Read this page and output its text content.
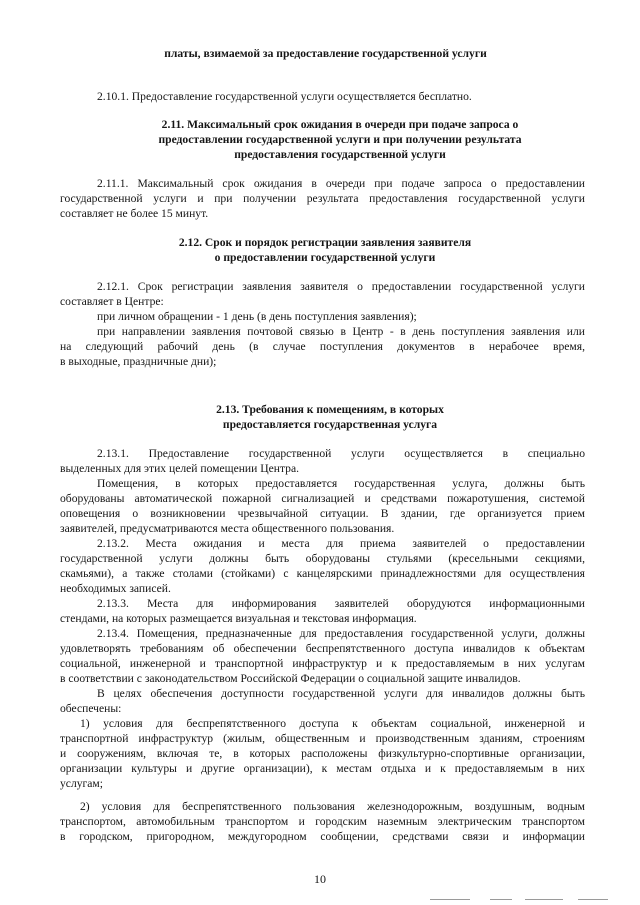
платы, взимаемой за предоставление государственной услуги

2.10.1. Предоставление государственной услуги осуществляется бесплатно.

2.11. Максимальный срок ожидания в очереди при подаче запроса о

предоставлении государственной услуги и при получении результата

предоставления государственной услуги

2.11.1. Максимальный срок ожидания в очереди при подаче запроса о предоставлении

государственной услуги и при получении результата предоставления государственной услуги

составляет не более 15 минут.

2.12. Срок и порядок регистрации заявления заявителя

о предоставлении государственной услуги

2.12.1. Срок регистрации заявления заявителя о предоставлении государственной услуги

составляет в Центре:

при личном обращении - 1 день (в день поступления заявления);

при направлении заявления почтовой связью в Центр - в день поступления заявления или

на следующий рабочий день (в случае поступления документов в нерабочее время,

в выходные, праздничные дни);

2.13. Требования к помещениям, в которых

предоставляется государственная услуга

2.13.1. Предоставление государственной услуги осуществляется в специально

выделенных для этих целей помещении Центра.

Помещения, в которых предоставляется государственная услуга, должны быть

оборудованы автоматической пожарной сигнализацией и средствами пожаротушения, системой

оповещения о возникновении чрезвычайной ситуации. В здании, где организуется прием

заявителей, предусматриваются места общественного пользования.

2.13.2. Места ожидания и места для приема заявителей о предоставлении

государственной услуги должны быть оборудованы стульями (кресельными секциями,

скамьями), а также столами (стойками) с канцелярскими принадлежностями для осуществления

необходимых записей.

2.13.3. Места для информирования заявителей оборудуются информационными

стендами, на которых размещается визуальная и текстовая информация.

2.13.4. Помещения, предназначенные для предоставления государственной услуги, должны

удовлетворять требованиям об обеспечении беспрепятственного доступа инвалидов к объектам

социальной, инженерной и транспортной инфраструктур и к предоставляемым в них услугам

в соответствии с законодательством Российской Федерации о социальной защите инвалидов.

В целях обеспечения доступности государственной услуги для инвалидов должны быть

обеспечены:

1) условия для беспрепятственного доступа к объектам социальной, инженерной и

транспортной инфраструктур (жилым, общественным и производственным зданиям, строениям

и сооружениям, включая те, в которых расположены физкультурно-спортивные организации,

организации культуры и другие организации), к местам отдыха и к предоставляемым в них

услугам;

2) условия для беспрепятственного пользования железнодорожным, воздушным, водным

транспортом, автомобильным транспортом и городским наземным электрическим транспортом

в городском, пригородном, междугородном сообщении, средствами связи и информации

10
